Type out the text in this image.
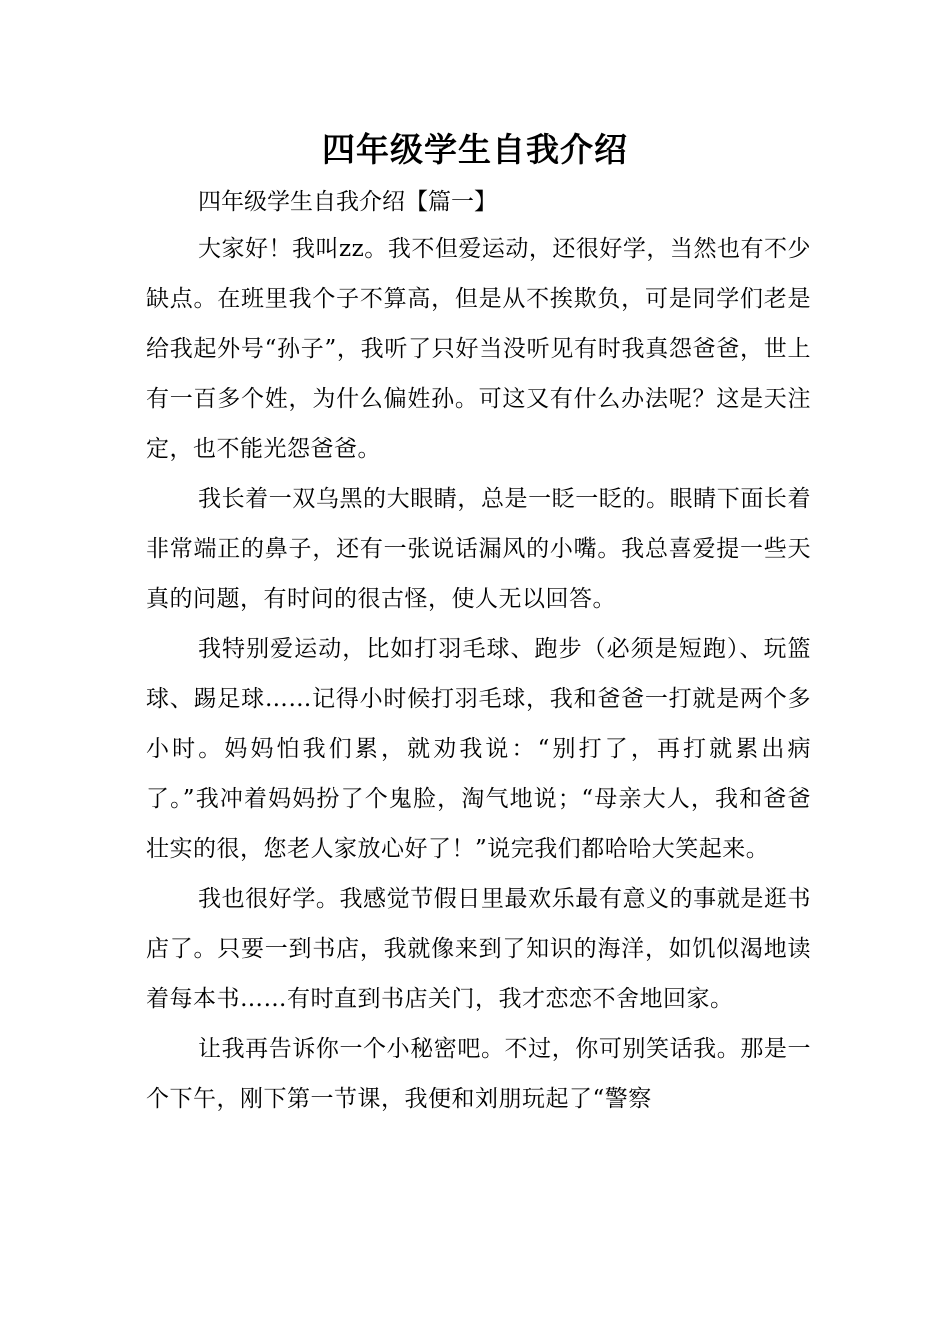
四年级学生自我介绍

四年级学生自我介绍【篇一】

大家好！我叫zz。我不但爱运动，还很好学，当然也有不少缺点。在班里我个子不算高，但是从不挨欺负，可是同学们老是给我起外号“孙子”，我听了只好当没听见有时我真怨爸爸，世上有一百多个姓，为什么偏姓孙。可这又有什么办法呢？这是天注定，也不能光怨爸爸。

我长着一双乌黑的大眼睛，总是一眨一眨的。眼睛下面长着非常端正的鼻子，还有一张说话漏风的小嘴。我总喜爱提一些天真的问题，有时问的很古怪，使人无以回答。

我特别爱运动，比如打羽毛球、跑步（必须是短跑）、玩篮球、踢足球……记得小时候打羽毛球，我和爸爸一打就是两个多小时。妈妈怕我们累，就劝我说：“别打了，再打就累出病了。”我冲着妈妈扮了个鬼脸，淘气地说；“母亲大人，我和爸爸壮实的很，您老人家放心好了！”说完我们都哈哈大笑起来。

我也很好学。我感觉节假日里最欢乐最有意义的事就是逛书店了。只要一到书店，我就像来到了知识的海洋，如饥似渴地读着每本书……有时直到书店关门，我才恋恋不舍地回家。

让我再告诉你一个小秘密吧。不过，你可别笑话我。那是一个下午，刚下第一节课，我便和刘朋玩起了“警察
